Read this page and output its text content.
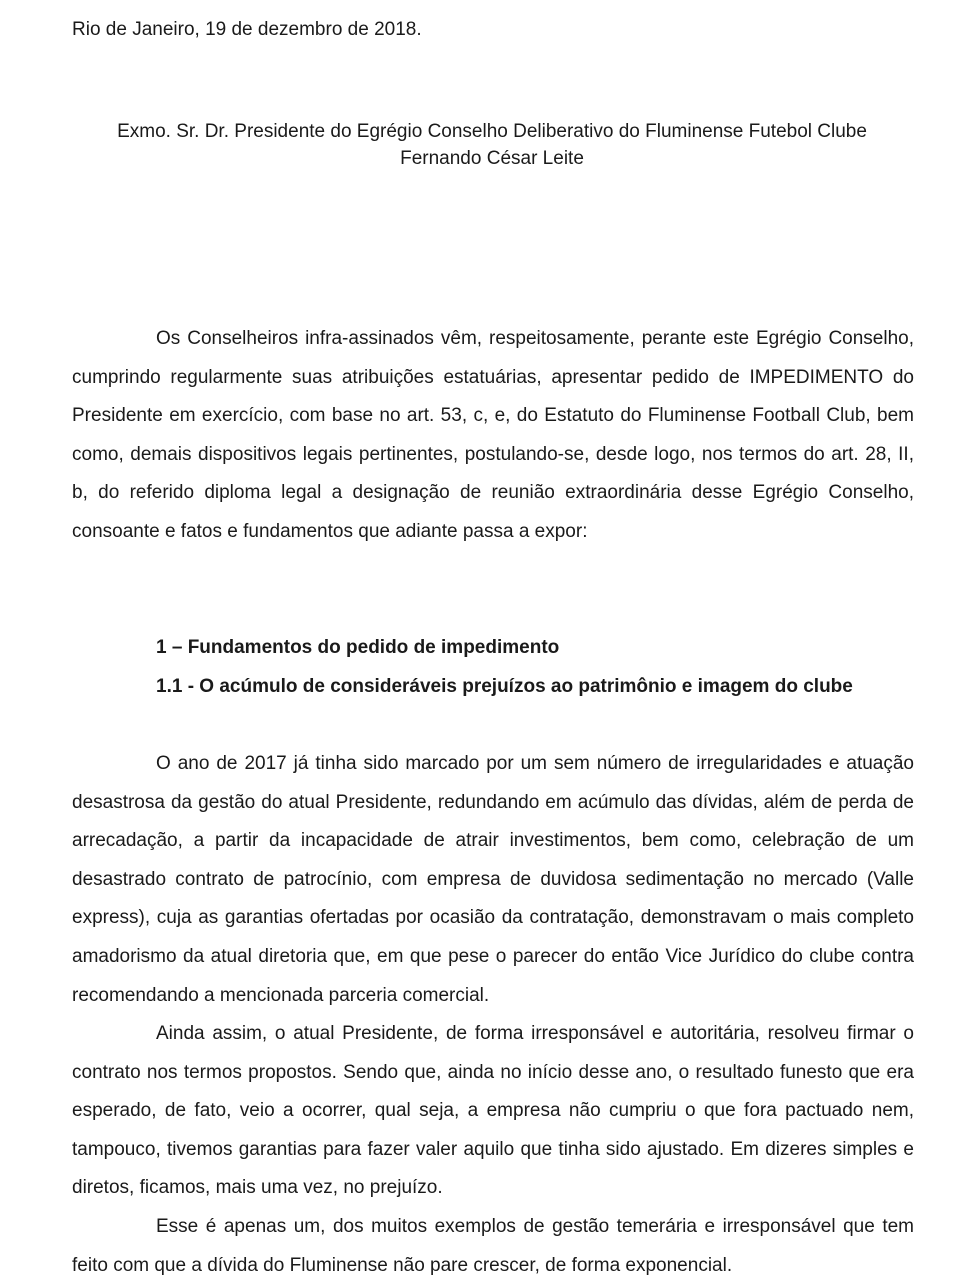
Rio de Janeiro, 19 de dezembro de 2018.
Exmo. Sr. Dr. Presidente do Egrégio Conselho Deliberativo do Fluminense Futebol Clube
Fernando César Leite

Os Conselheiros infra-assinados vêm, respeitosamente, perante este Egrégio Conselho, cumprindo regularmente suas atribuições estatuárias, apresentar pedido de IMPEDIMENTO do Presidente em exercício, com base no art. 53, c, e, do Estatuto do Fluminense Football Club, bem como, demais dispositivos legais pertinentes, postulando-se, desde logo, nos termos do art. 28, II, b, do referido diploma legal a designação de reunião extraordinária desse Egrégio Conselho, consoante e fatos e fundamentos que adiante passa a expor:

1 – Fundamentos do pedido de impedimento
1.1 - O acúmulo de consideráveis prejuízos ao patrimônio e imagem do clube

O ano de 2017 já tinha sido marcado por um sem número de irregularidades e atuação desastrosa da gestão do atual Presidente, redundando em acúmulo das dívidas, além de perda de arrecadação, a partir da incapacidade de atrair investimentos, bem como, celebração de um desastrado contrato de patrocínio, com empresa de duvidosa sedimentação no mercado (Valle express), cuja as garantias ofertadas por ocasião da contratação, demonstravam o mais completo amadorismo da atual diretoria que, em que pese o parecer do então Vice Jurídico do clube contra recomendando a mencionada parceria comercial.

Ainda assim, o atual Presidente, de forma irresponsável e autoritária, resolveu firmar o contrato nos termos propostos. Sendo que, ainda no início desse ano, o resultado funesto que era esperado, de fato, veio a ocorrer, qual seja, a empresa não cumpriu o que fora pactuado nem, tampouco, tivemos garantias para fazer valer aquilo que tinha sido ajustado. Em dizeres simples e diretos, ficamos, mais uma vez, no prejuízo.

Esse é apenas um, dos muitos exemplos de gestão temerária e irresponsável que tem feito com que a dívida do Fluminense não pare crescer, de forma exponencial.
